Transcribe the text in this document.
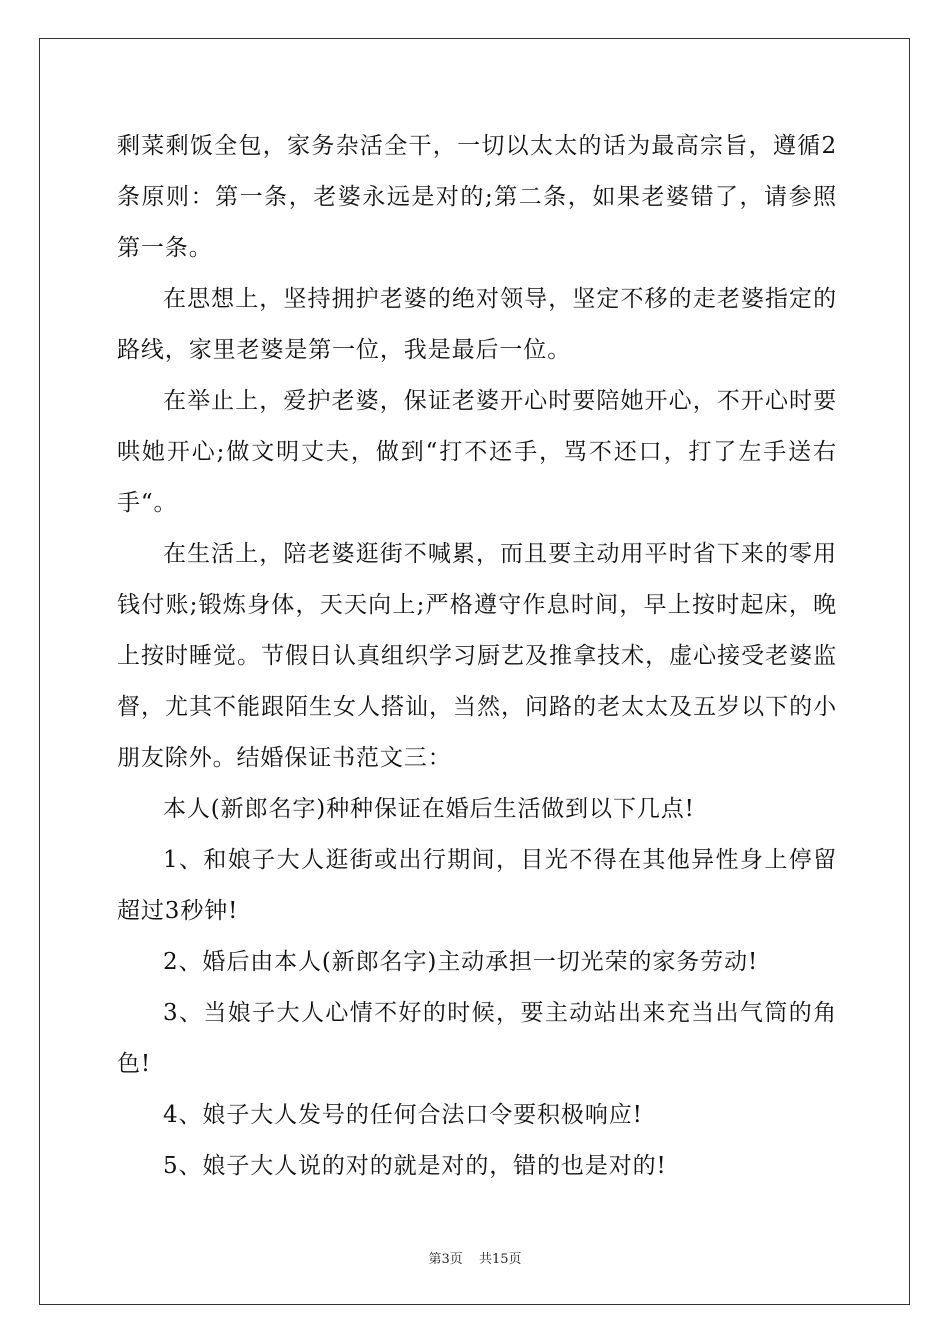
剩菜剩饭全包，家务杂活全干，一切以太太的话为最高宗旨，遵循2条原则：第一条，老婆永远是对的;第二条，如果老婆错了，请参照第一条。

在思想上，坚持拥护老婆的绝对领导，坚定不移的走老婆指定的路线，家里老婆是第一位，我是最后一位。

在举止上，爱护老婆，保证老婆开心时要陪她开心，不开心时要哄她开心;做文明丈夫，做到“打不还手，骂不还口，打了左手送右手“。

在生活上，陪老婆逛街不喊累，而且要主动用平时省下来的零用钱付账;锻炼身体，天天向上;严格遵守作息时间，早上按时起床，晚上按时睡觉。节假日认真组织学习厨艺及推拿技术，虚心接受老婆监督，尤其不能跟陌生女人搭讪，当然，问路的老太太及五岁以下的小朋友除外。结婚保证书范文三：

本人(新郎名字)种种保证在婚后生活做到以下几点!

1、和娘子大人逛街或出行期间，目光不得在其他异性身上停留超过3秒钟!

2、婚后由本人(新郎名字)主动承担一切光荣的家务劳动!

3、当娘子大人心情不好的时候，要主动站出来充当出气筒的角色!

4、娘子大人发号的任何合法口令要积极响应!

5、娘子大人说的对的就是对的，错的也是对的!

第3页 共15页
